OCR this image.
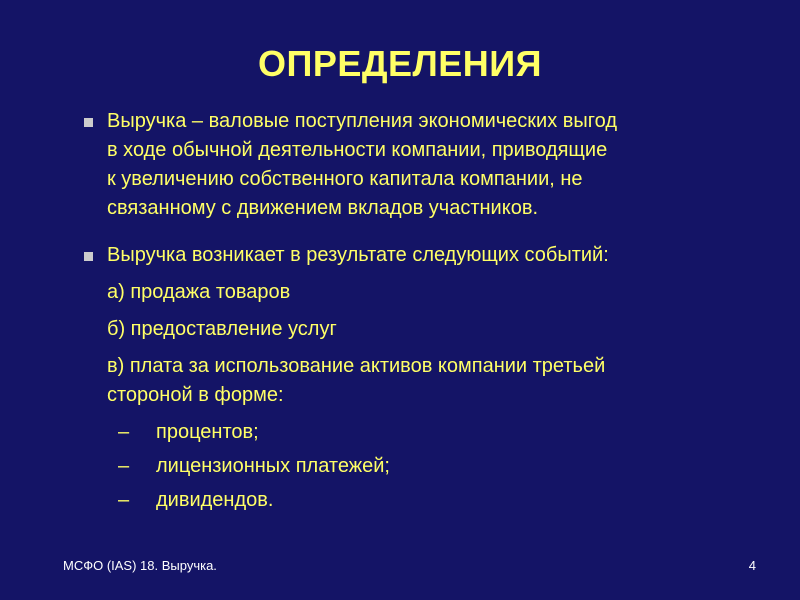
ОПРЕДЕЛЕНИЯ
Выручка – валовые поступления экономических выгод
в ходе обычной деятельности компании, приводящие
к увеличению собственного капитала компании, не
связанному с движением вкладов участников.
Выручка возникает в результате следующих событий:
а) продажа товаров
б) предоставление услуг
в) плата за использование активов компании третьей
стороной в форме:
– процентов;
– лицензионных платежей;
– дивидендов.
МСФО (IAS) 18. Выручка.	4
